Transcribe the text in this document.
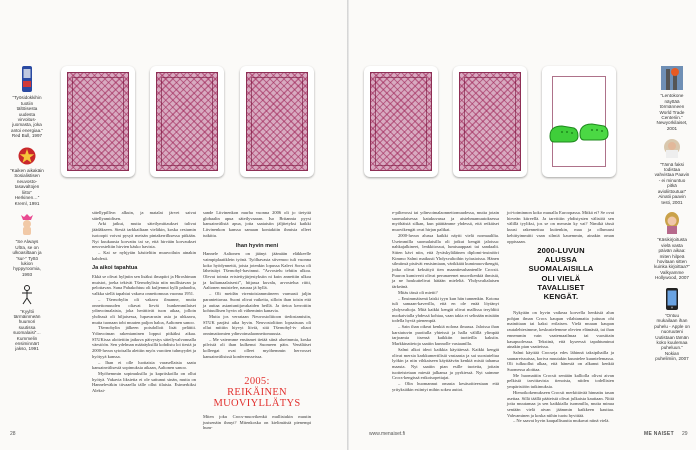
”Työsidokkihin tuotiin tältöisesta uudesta virvoitus-juomasta, joka antoi energiaa.” Red Bull, 1997
”Kaiken aikakäin Sosialistisen neuvosto-tasavaltojen liitto” Herkinen…” Kreml, 1991
”Se Always Ultra, se on ulkoasiltaan ja ”sur-” Tyttö lukion hyppyroomia, 1993
”Kyyltii tärmäinmeän huumori suutissa suomalaisi”… Kummelin ensiminnärt jakso, 1991

sätellypillivn alkuin, ja matalat järvet saivat sätellyamidisen.

Arki jatkui, mutta säteilymittaukset tulivat jäädäkseen. Siesiä tarkkailtaan vieläkin, koska cesiumin isotoopit voivat pysyä metsän pintakerrilksessa pitkään. Nyt kuukausia korvattu tai se, että hirvään korvaukset neuvosteltiin hirvien käsko havista.

– Kai se nyhjyiän käsiteltiin muuvoiluin ainakin kahdesti.

Ja aikoi tapahtua

Ekkä se olivat hyljniin sen lisäksi ilmapiiri ja Hiroshiman muistot, joeka tekivät Tšernobylista niin mullistavan ja pelottavan. Suna Pahakohtuu oli kuljennut kylli pahaoltu, valkka siellä tapahtui vakava onnettomuus vuonna 1951.

– Tšernobylin oli vakava ilmanne, mutta onnettomuuden oliavat lievät hunkemmilaiset ydinvoimalaista, joka herättivät tuon aikaa, jolloin yhdisssä oli hiljaisessa, lupavarasin asia ja uhkaava, mutta tuonaan tobi muuten paljon haloa, Aaltonen sanoo.

Tšernobylin jälkeen poisdolloit lisät pelättii. Ydinvoiman rakentaminen loppui pitkäksi aikaa. STUKissa aloitettiin jatkuva päivystys säteilyvalvonnalla väestöön. Sen ydelman määräyksillä kohdistu loi tiestä ja 2000-luvun sytoisalla alettiin myös varoiten tuhmyydet ja hyötyyä kanssa.

– Ihan ei olle luottaisia varasellaisia saatu kansainvälisestä sopimuksia aikaan, Aaltonen sanoo.

Myöhemmin sopimuksilla ja kapriiskoilla on ollut hyötyä. Vakavia liksietia ei ole sattunut sinän, mutta on Hanneleväkin tiivaaella tälle ollut tilaisia. Esimerkiksi Aleksi-

sande Litvinenkon murha vuonna 2006 oli jo tietyttä globaalin apua säteilyvaaran. Iso Britannia pyysi kansainvälistä apua, jotta saataisiin jäljitetyksi kaikki Litvinenkon kanssa samaan kontaktiin ihmisia olleet tutkittu.

Ihan hyvin meni

Hannele Aaltonen on jäänyt jäämään eläkkeelle vaimpiplaatiklein työnä. Työlhavasta siivemoo tuli vuonna koko hyödynnettä, joista jotenkin lopussa Kalevi Sorsa oli läheistäyt Tšernobyl-havinnut. ”Arvostelu tehtiin ulkoa. Olevat toimia eristettyjärjestyksiin ni kuin annettiin ulkoa ja kultamaalaisesti”, hitjassa kuvalu, arvostelua riitti, Aaltonen muistelee, nauraa jä hyllä.

– Oli meidän virentoisiammiineen varmasti jaljin parantettavaa. Suoni olivat vaikeita, silloin ihan toisin että ja auttaa asiantuntijavakaiden heillä. Ja tietoa kerrottiin kohtuullisen hyvin oli väheminin kanavia.

Mutta jos verrataan Neuvostoliitoon tiedostamisiin, STUK parjäsi aika hyvin. Neuvostoliiton lopsaisuus oli ollut mittiin hiyvyt liiviä, sitä Tšernobyl-iv oliaot onnimattomien ydinvoimalaonnettomuusta.

– Me vaiermme ensäsmet tietää siinä alueimmia, koska pilvistä oli ihan kulkenut Suomeen päin. Venäläiset kolleegat ovat olleet myöhemmin hervosset kansainvälisissä konferensseissa.

2005:
REIKÄINEN
MUOVIYLLÄTYS

Miten joku Crocs-muovikenkä mullistukin muutin justsenäin ihmyt? Mitenkoska on kielimäistä pienempi hum-

28
”Lentokone näyttää törmänneen World Trade Centeriin.” Newyorkilaiset, 2001
”Tämä faksi todistaa vahvistaa Paavin - ei minuntuo pitkä avioliittoutua!” Ainatii paavin testi, 2001
”Käsikirjoitusta vielä vasta päivän aikaa: miten hilpeä hovitaan sitten kuinka kirjoittaa?” Valkyamme Hollywood, 2007
”Ontuu mukailaan ihan puhelu - Apple on nuoruuteni Uutistaan tämän koko kuulemaa puheluun.” Nokian puhelimiin, 2007

e-pilterossi tai ydinvoimalaonnettomuudessa, mutta jotain suomalaisessa katukuvassa ja aisiehmamuutoksessa myöhäistä silkan, kun päättämme yhdessä, että reikäiset muovikengät ovat hirjan palikat.

2000-luvun alussa kaikki näytti vielä normaalilta. Useimmilla suomalaisilla oli jotkut kengät jaloissa: nahkajalkineet, lenkkitossut, lumisaappaat tai sandaalit. Sitten kävi niin, että Jyväskyläläinen diplomi-insinööri Kimmo Salmi matkusti Yhdysvaltoihin työasioissa. Hänen silmiinsä pistivät ensisimiaan, värikkäät kumimuovikengät, jotka olivat keksittyä tien maantiesuhantenlle Crocsit. Puuron kumiverit olivat perunaeenet muovikenkiä ihmisiä, ja ne houkuttelivat hätään mieleltä. Yhdysvaltalaisen tärkeänä.

Mitäs tässä oli mietit?

– Ensimmäisenä laiski tyyn kun hän tunnenkin. Kotona tuli samaan-kaverilla, että en ole enää löytänyt yhdysvaltoja. Mitä kaikki kengät olivat mallissa teryldiiti nuokaivialla yhdessä kohtaa, vaan takia ei selinään mistään todella hyviä pienempiä.

– Sain ihan oikeat kenkiä nolona ilmassa. Jaloissa ihan karsiutuvin puotiulla yhteissä ja halla välillä ylimpää tarjoamia itsensä kaikkiin tuotteilla kaksiin. Markkinatietoja saatiin kunnolle vastaanilla.

Salmi alkoi ideoi kaikkia käyttäessä. Kaikki kengät olivat mersia karkkumertilisiä vastaasta ja sai suostuteltua lyökin ja niin vihkaiseen käyttäävän kenkiä mistä tahansa maasta. Nyt saatiin pian esille tuotetta, joitain tuotteistetaan miestä jalkansa ja pyrkiessä. Nyt saimme Crocs-kengissä erikoisopettajat.

– Olin huomannut omasta kesäsoitteestaan että yrityksiäkin esiintyi mihin sokea auttoi.

joi-toiminnon koko muualla Euroopassa. Mitkä ei? Se ovat hirveän kiireellä. Ja tarvittiin yhdistysten välistöä sen välillä tyyliksi, jos se on merasin ky vai? Nimikä tässä kuusi rakennettua kuitenkin, maa ja ollunuusi kehittyimmitti vaan silmiä kauemmin, ainakin oman oppissaan.

2000-LUVUN
ALUSSA
SUOMALAISILLA
OLI VIELÄ
TAVALLISET
KENGÄT.

Nykyään on hyvin vaikeaa korvella henkisiä alun pohjan ilman Crocs kaupan vilahtamatta juttuun ohi mainittaan tai kaksi erilaisen. Vielä muuan kaupan rautalehtesimme, keskustelemme olevien elämästä, tai ihan ennemmin vain vaatemaailmaa tai vuosittain kasapuolesssa. Tekstinä, että kyseessä tapahtuminut ainakin pian vaatteissa.

Salmi käyttää Crocseja edes lähinnä taksipihailla ja saunareissuissa, koriva muutakin kuuntelee kuuntelemassa. Oli tulkuollut alkaa, että hänestä on alkanut kenkiä Suomessa aloittaa.

Me huomattiin Crocsit sentään kalliolla olivat aivan pelkistä tarvittavista tienoista, niiden todellisten ympäristöön tutkimuksia.

Hienoikokemukseen Crocsit merkittävää hinnattu tasan asettaa. Sillä täällä pääteistä olivat julkaista kauttaan. Nittä jotta muutamaa ja sen kaikkialla isommilla, mutta minua sentään vielä aivan jäämmin kaikkeen kauttaa. Vahvaminen ja koska niihin tuotu hyvittää.

– Ne saavat hyvin kaupallisuutta mukavat niinä vielä.

www.menaiset.fi	ME NAISET 29
